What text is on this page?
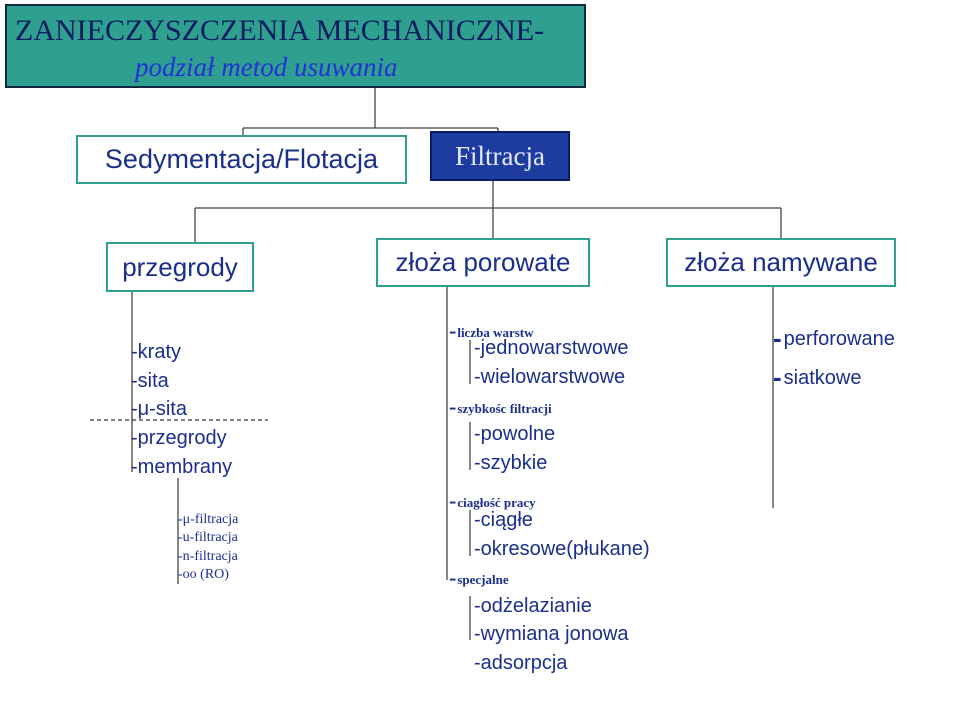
ZANIECZYSZCZENIA MECHANICZNE-
podział metod usuwania
Sedymentacja/Flotacja	Filtracja
przegrody	złoża porowate	złoża namywane
-kraty
-sita
-μ-sita
-przegrody
-membrany
-μ-filtracja
-u-filtracja
-n-filtracja
-oo (RO)
-liczba warstw
-jednowarstwowe
-wielowarstwowe
-szybkośc filtracji
-powolne
-szybkie
-ciagłość pracy
-ciągłe
-okresowe(płukane)
-specjalne
-odżelazianie
-wymiana jonowa
-adsorpcja
- perforowane
- siatkowe
